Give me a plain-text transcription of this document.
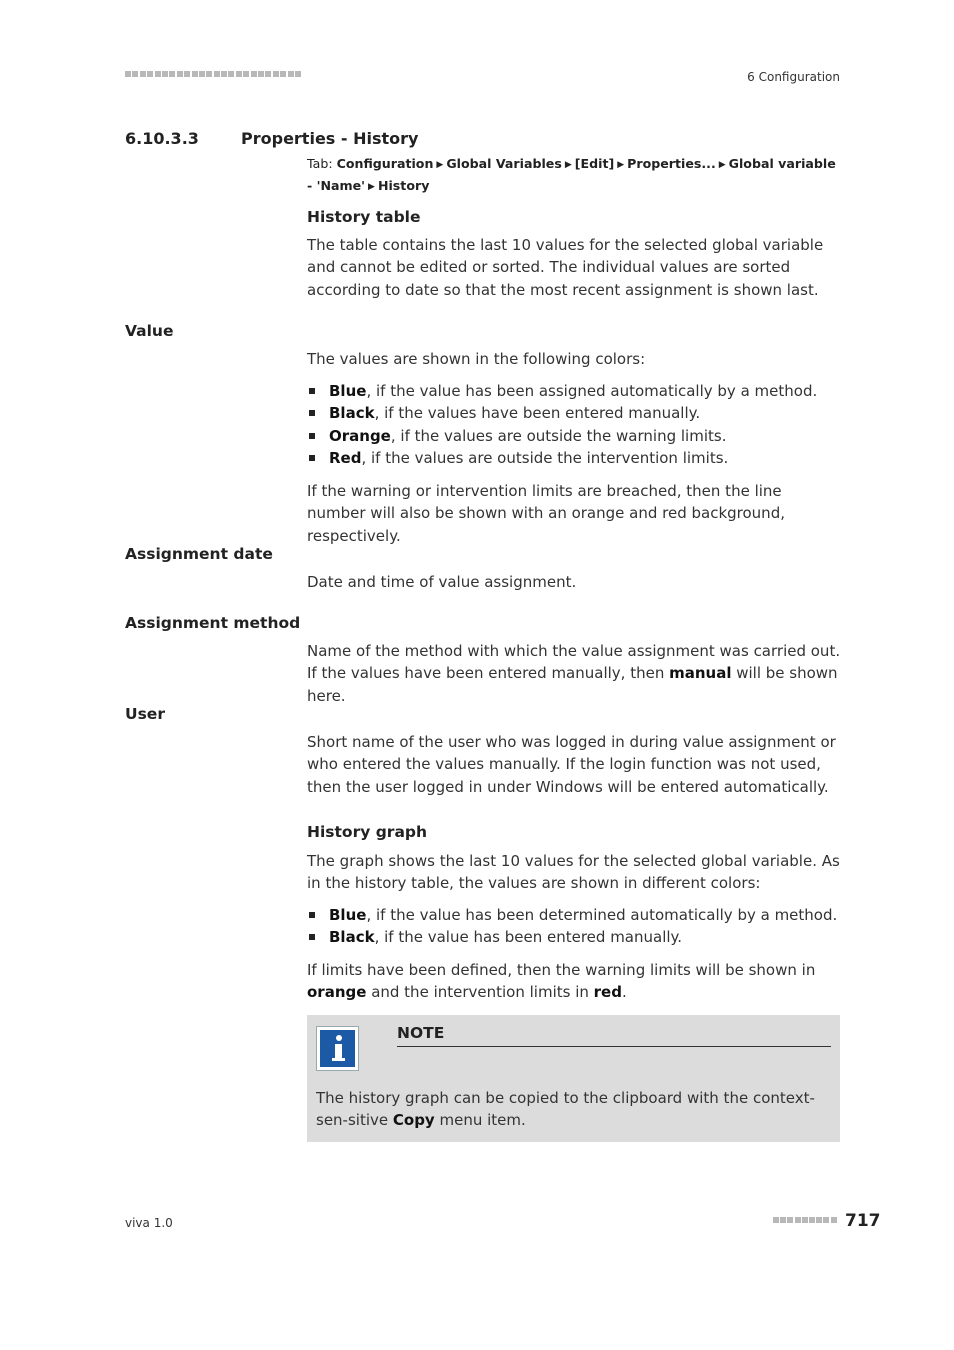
6 Configuration
6.10.3.3	Properties - History
Tab: Configuration ▶ Global Variables ▶ [Edit] ▶ Properties... ▶ Global variable - 'Name' ▶ History
History table
The table contains the last 10 values for the selected global variable and cannot be edited or sorted. The individual values are sorted according to date so that the most recent assignment is shown last.
Value
The values are shown in the following colors:
Blue, if the value has been assigned automatically by a method.
Black, if the values have been entered manually.
Orange, if the values are outside the warning limits.
Red, if the values are outside the intervention limits.
If the warning or intervention limits are breached, then the line number will also be shown with an orange and red background, respectively.
Assignment date
Date and time of value assignment.
Assignment method
Name of the method with which the value assignment was carried out. If the values have been entered manually, then manual will be shown here.
User
Short name of the user who was logged in during value assignment or who entered the values manually. If the login function was not used, then the user logged in under Windows will be entered automatically.
History graph
The graph shows the last 10 values for the selected global variable. As in the history table, the values are shown in different colors:
Blue, if the value has been determined automatically by a method.
Black, if the value has been entered manually.
If limits have been defined, then the warning limits will be shown in orange and the intervention limits in red.
NOTE
The history graph can be copied to the clipboard with the context-sen-sitive Copy menu item.
viva 1.0	717
